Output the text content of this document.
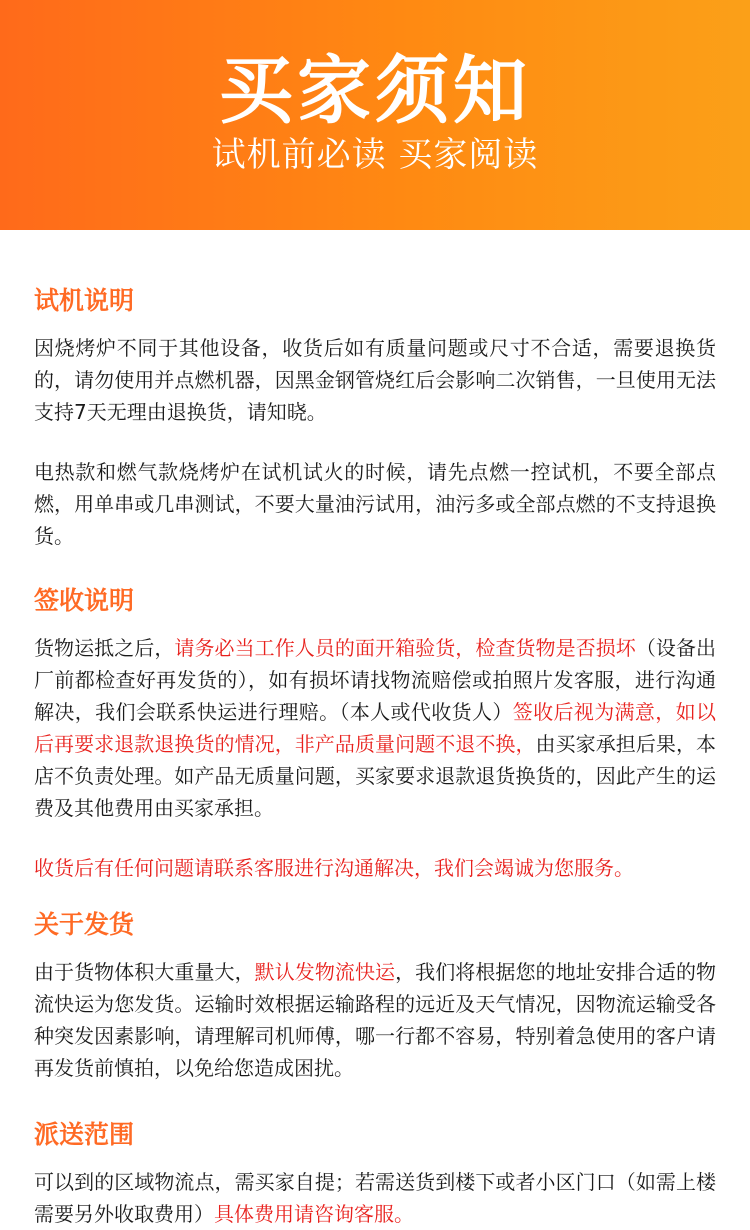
买家须知
试机前必读 买家阅读
试机说明

因烧烤炉不同于其他设备，收货后如有质量问题或尺寸不合适，需要退换货的，请勿使用并点燃机器，因黑金钢管烧红后会影响二次销售，一旦使用无法支持7天无理由退换货，请知晓。

电热款和燃气款烧烤炉在试机试火的时候，请先点燃一控试机，不要全部点燃，用单串或几串测试，不要大量油污试用，油污多或全部点燃的不支持退换货。

签收说明

货物运抵之后，请务必当工作人员的面开箱验货，检查货物是否损坏（设备出厂前都检查好再发货的），如有损坏请找物流赔偿或拍照片发客服，进行沟通解决，我们会联系快运进行理赔。（本人或代收货人）签收后视为满意，如以后再要求退款退换货的情况，非产品质量问题不退不换，由买家承担后果，本店不负责处理。如产品无质量问题，买家要求退款退货换货的，因此产生的运费及其他费用由买家承担。

收货后有任何问题请联系客服进行沟通解决，我们会竭诚为您服务。

关于发货

由于货物体积大重量大，默认发物流快运，我们将根据您的地址安排合适的物流快运为您发货。运输时效根据运输路程的远近及天气情况，因物流运输受各种突发因素影响，请理解司机师傅，哪一行都不容易，特别着急使用的客户请再发货前慎拍，以免给您造成困扰。

派送范围

可以到的区域物流点，需买家自提；若需送货到楼下或者小区门口（如需上楼需要另外收取费用）具体费用请咨询客服。
